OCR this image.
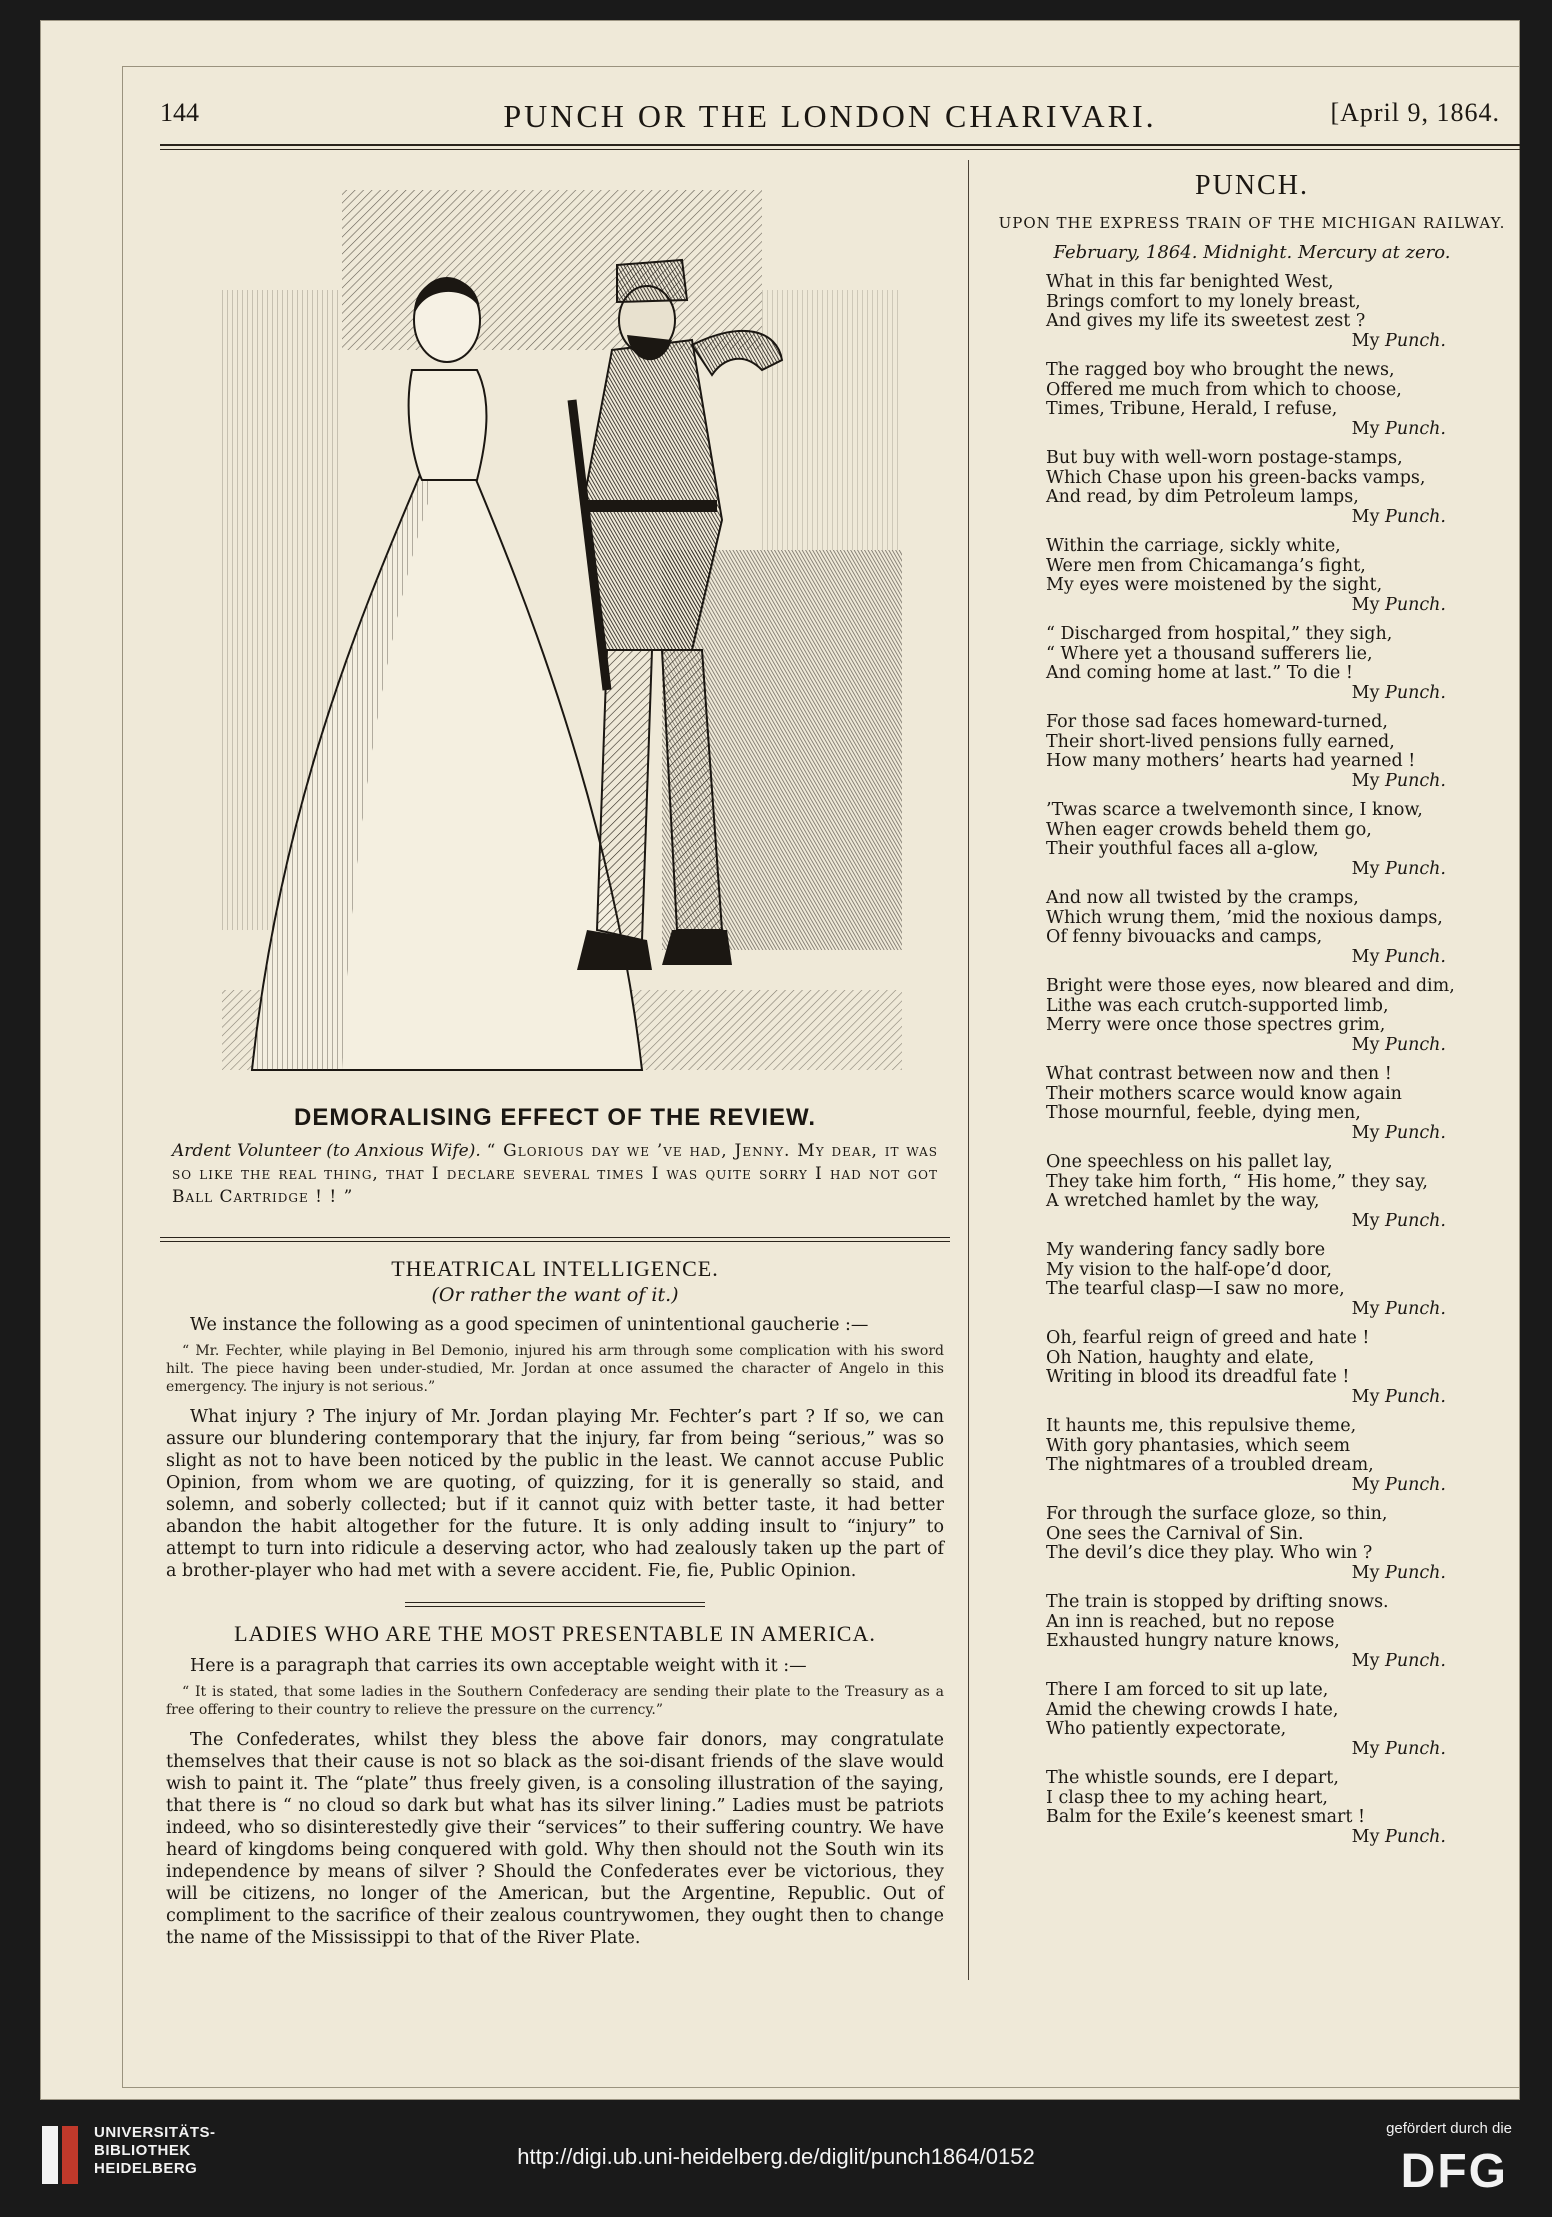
144	PUNCH OR THE LONDON CHARIVARI.	[April 9, 1864.
DEMORALISING EFFECT OF THE REVIEW.
Ardent Volunteer (to Anxious Wife). “ Glorious day we ’ve had, Jenny. My dear, it was so like the real thing, that I declare several times I was quite sorry I had not got Ball Cartridge ! ! ”
THEATRICAL INTELLIGENCE.
(Or rather the want of it.)
We instance the following as a good specimen of unintentional gaucherie :—
“ Mr. Fechter, while playing in Bel Demonio, injured his arm through some complication with his sword hilt. The piece having been under-studied, Mr. Jordan at once assumed the character of Angelo in this emergency. The injury is not serious.”
What injury ? The injury of Mr. Jordan playing Mr. Fechter’s part ? If so, we can assure our blundering contemporary that the injury, far from being “serious,” was so slight as not to have been noticed by the public in the least. We cannot accuse Public Opinion, from whom we are quoting, of quizzing, for it is generally so staid, and solemn, and soberly collected; but if it cannot quiz with better taste, it had better abandon the habit altogether for the future. It is only adding insult to “injury” to attempt to turn into ridicule a deserving actor, who had zealously taken up the part of a brother-player who had met with a severe accident. Fie, fie, Public Opinion.
LADIES WHO ARE THE MOST PRESENTABLE IN AMERICA.
Here is a paragraph that carries its own acceptable weight with it :—
“ It is stated, that some ladies in the Southern Confederacy are sending their plate to the Treasury as a free offering to their country to relieve the pressure on the currency.”
The Confederates, whilst they bless the above fair donors, may congratulate themselves that their cause is not so black as the soi-disant friends of the slave would wish to paint it. The “plate” thus freely given, is a consoling illustration of the saying, that there is “ no cloud so dark but what has its silver lining.” Ladies must be patriots indeed, who so disinterestedly give their “services” to their suffering country. We have heard of kingdoms being conquered with gold. Why then should not the South win its independence by means of silver ? Should the Confederates ever be victorious, they will be citizens, no longer of the American, but the Argentine, Republic. Out of compliment to the sacrifice of their zealous countrywomen, they ought then to change the name of the Mississippi to that of the River Plate.
PUNCH.
UPON THE EXPRESS TRAIN OF THE MICHIGAN RAILWAY.
February, 1864. Midnight. Mercury at zero.
What in this far benighted West,
Brings comfort to my lonely breast,
And gives my life its sweetest zest ?
My Punch.
The ragged boy who brought the news,
Offered me much from which to choose,
Times, Tribune, Herald, I refuse,
My Punch.
But buy with well-worn postage-stamps,
Which Chase upon his green-backs vamps,
And read, by dim Petroleum lamps,
My Punch.
Within the carriage, sickly white,
Were men from Chicamanga’s fight,
My eyes were moistened by the sight,
My Punch.
“ Discharged from hospital,” they sigh,
“ Where yet a thousand sufferers lie,
And coming home at last.” To die !
My Punch.
For those sad faces homeward-turned,
Their short-lived pensions fully earned,
How many mothers’ hearts had yearned !
My Punch.
’Twas scarce a twelvemonth since, I know,
When eager crowds beheld them go,
Their youthful faces all a-glow,
My Punch.
And now all twisted by the cramps,
Which wrung them, ’mid the noxious damps,
Of fenny bivouacks and camps,
My Punch.
Bright were those eyes, now bleared and dim,
Lithe was each crutch-supported limb,
Merry were once those spectres grim,
My Punch.
What contrast between now and then !
Their mothers scarce would know again
Those mournful, feeble, dying men,
My Punch.
One speechless on his pallet lay,
They take him forth, “ His home,” they say,
A wretched hamlet by the way,
My Punch.
My wandering fancy sadly bore
My vision to the half-ope’d door,
The tearful clasp—I saw no more,
My Punch.
Oh, fearful reign of greed and hate !
Oh Nation, haughty and elate,
Writing in blood its dreadful fate !
My Punch.
It haunts me, this repulsive theme,
With gory phantasies, which seem
The nightmares of a troubled dream,
My Punch.
For through the surface gloze, so thin,
One sees the Carnival of Sin.
The devil’s dice they play. Who win ?
My Punch.
The train is stopped by drifting snows.
An inn is reached, but no repose
Exhausted hungry nature knows,
My Punch.
There I am forced to sit up late,
Amid the chewing crowds I hate,
Who patiently expectorate,
My Punch.
The whistle sounds, ere I depart,
I clasp thee to my aching heart,
Balm for the Exile’s keenest smart !
My Punch.
UNIVERSITÄTS-
BIBLIOTHEK
HEIDELBERG	http://digi.ub.uni-heidelberg.de/diglit/punch1864/0152
gefördert durch die
DFG
